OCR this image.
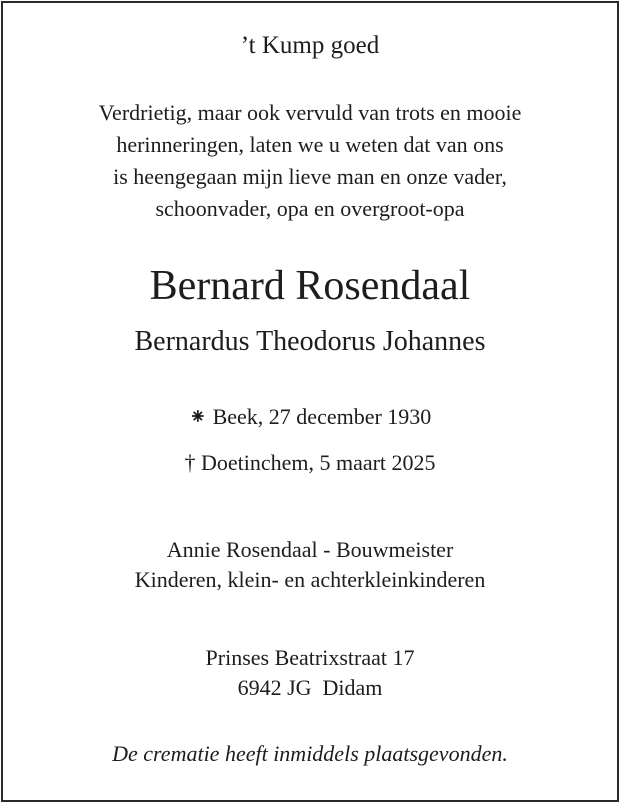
’t Kump goed
Verdrietig, maar ook vervuld van trots en mooie
herinneringen, laten we u weten dat van ons
is heengegaan mijn lieve man en onze vader,
schoonvader, opa en overgroot-opa
Bernard Rosendaal
Bernardus Theodorus Johannes
⁕ Beek, 27 december 1930
† Doetinchem, 5 maart 2025
Annie Rosendaal - Bouwmeister
Kinderen, klein- en achterkleinkinderen
Prinses Beatrixstraat 17
6942 JG  Didam
De crematie heeft inmiddels plaatsgevonden.
